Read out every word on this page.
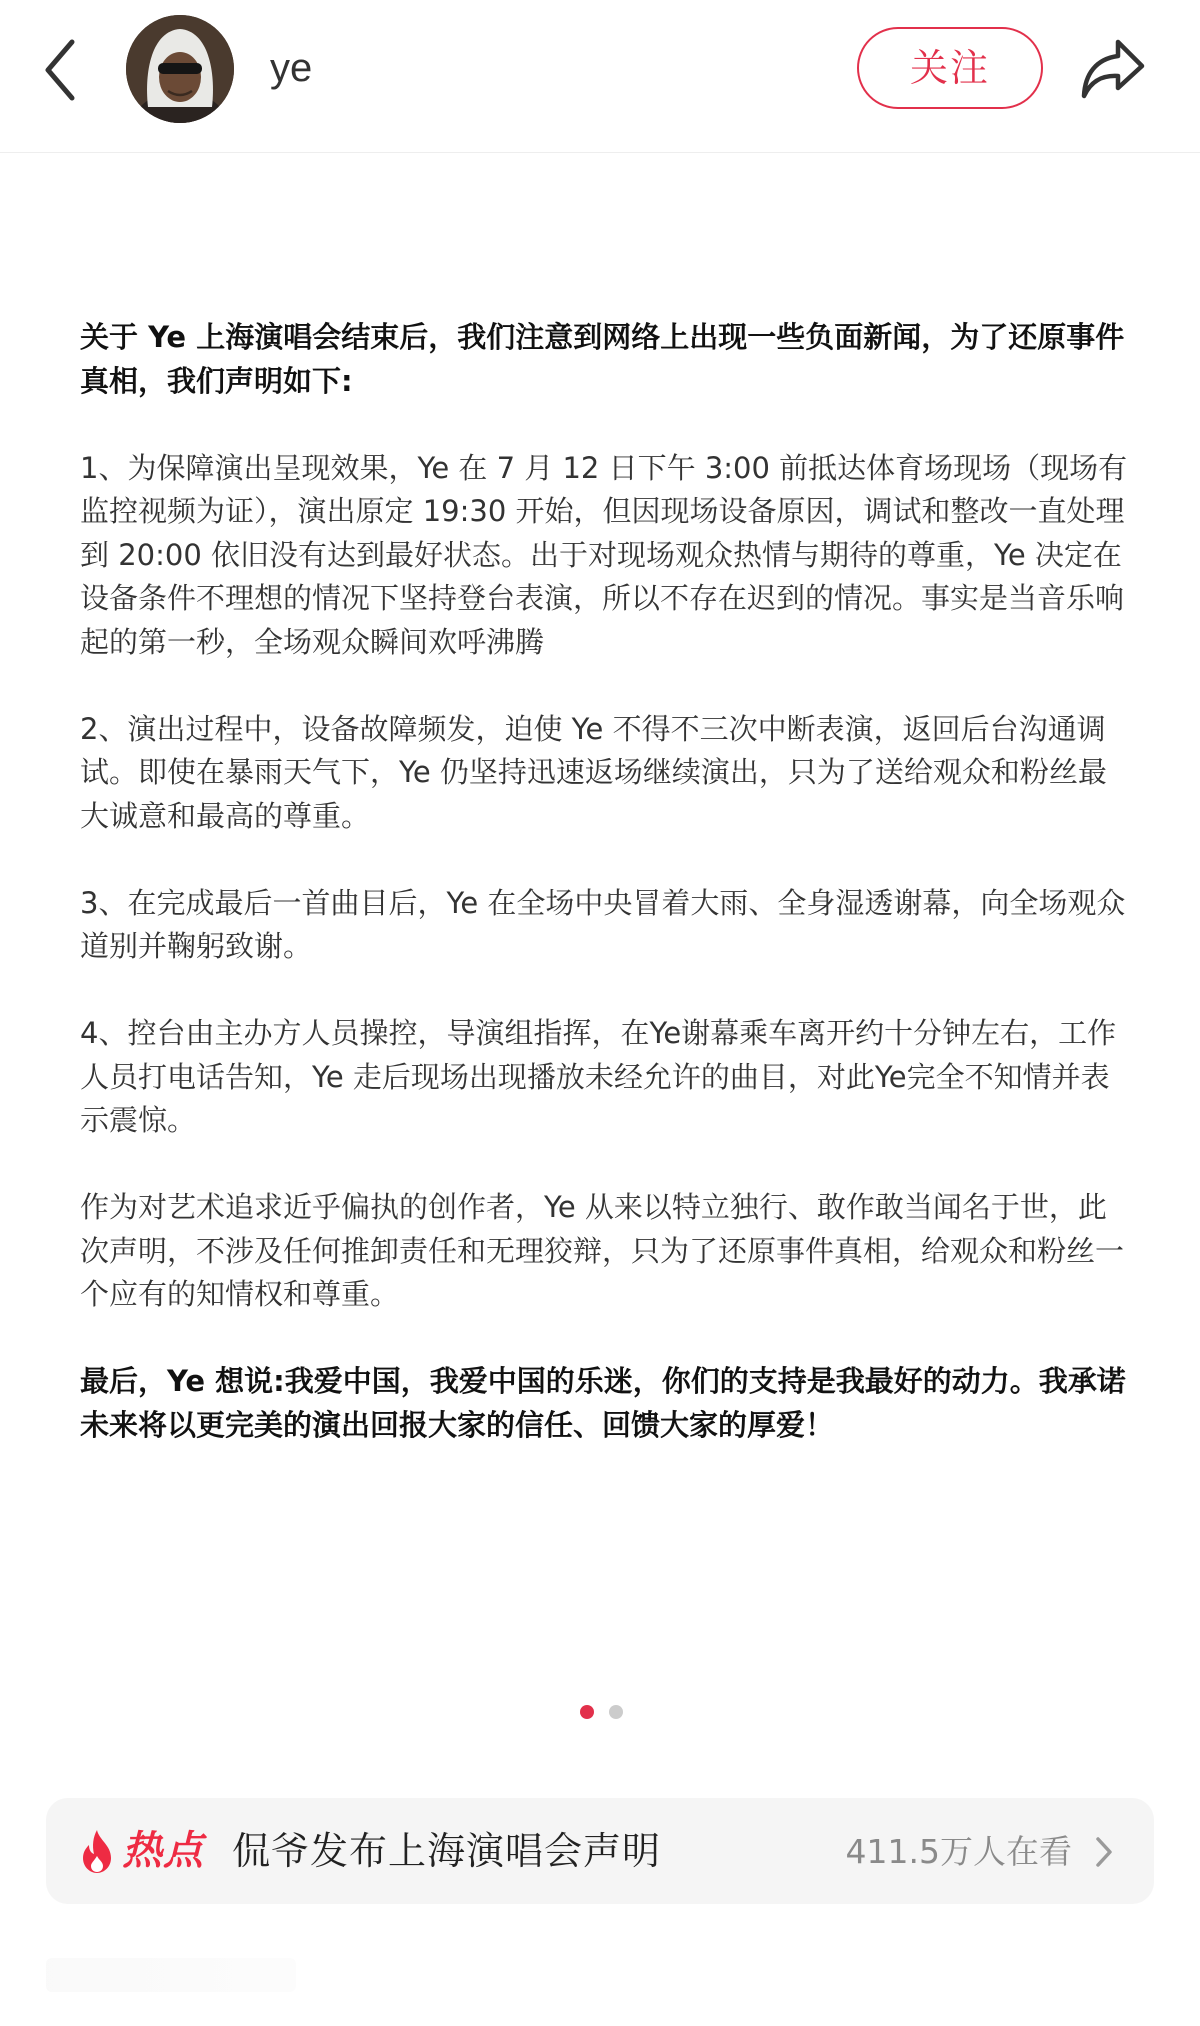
ye	关注

关于 Ye 上海演唱会结束后，我们注意到网络上出现一些负面新闻，为了还原事件真相，我们声明如下:

1、为保障演出呈现效果，Ye 在 7 月 12 日下午 3:00 前抵达体育场现场（现场有监控视频为证），演出原定 19:30 开始，但因现场设备原因，调试和整改一直处理到 20:00 依旧没有达到最好状态。出于对现场观众热情与期待的尊重，Ye 决定在设备条件不理想的情况下坚持登台表演，所以不存在迟到的情况。事实是当音乐响起的第一秒，全场观众瞬间欢呼沸腾

2、演出过程中，设备故障频发，迫使 Ye 不得不三次中断表演，返回后台沟通调试。即使在暴雨天气下，Ye 仍坚持迅速返场继续演出，只为了送给观众和粉丝最大诚意和最高的尊重。

3、在完成最后一首曲目后，Ye 在全场中央冒着大雨、全身湿透谢幕，向全场观众道别并鞠躬致谢。

4、控台由主办方人员操控，导演组指挥，在Ye谢幕乘车离开约十分钟左右，工作人员打电话告知，Ye 走后现场出现播放未经允许的曲目，对此Ye完全不知情并表示震惊。

作为对艺术追求近乎偏执的创作者，Ye 从来以特立独行、敢作敢当闻名于世，此次声明，不涉及任何推卸责任和无理狡辩，只为了还原事件真相，给观众和粉丝一个应有的知情权和尊重。

最后，Ye 想说:我爱中国，我爱中国的乐迷，你们的支持是我最好的动力。我承诺未来将以更完美的演出回报大家的信任、回馈大家的厚爱！

热点 侃爷发布上海演唱会声明	411.5万人在看
